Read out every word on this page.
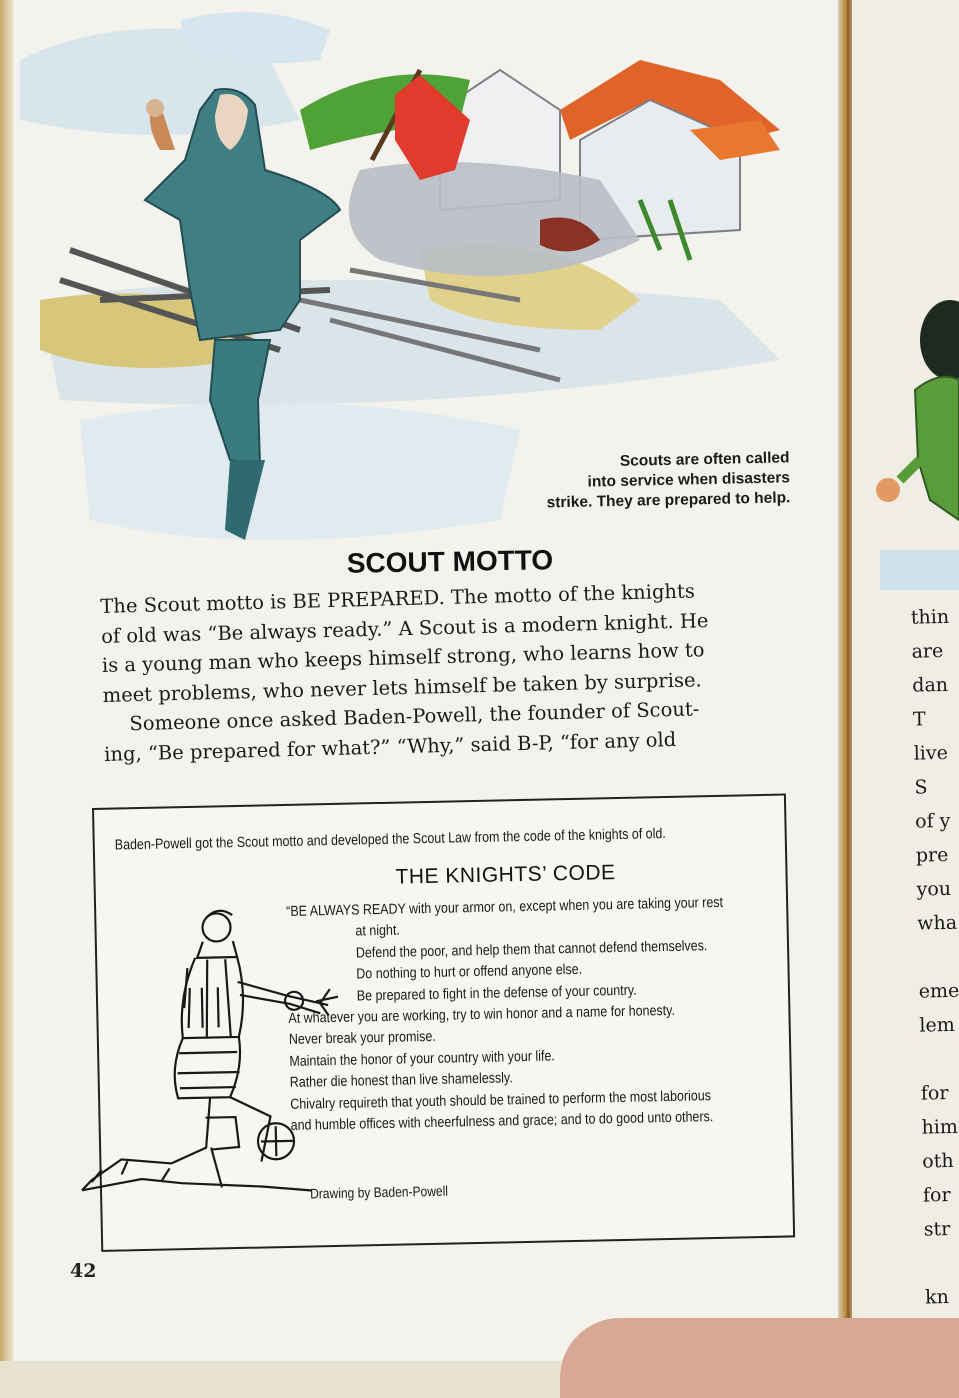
Scouts are often called
into service when disasters
strike. They are prepared to help.
SCOUT MOTTO
The Scout motto is BE PREPARED. The motto of the knights
of old was “Be always ready.” A Scout is a modern knight. He
is a young man who keeps himself strong, who learns how to
meet problems, who never lets himself be taken by surprise.
Someone once asked Baden-Powell, the founder of Scout-
ing, “Be prepared for what?” “Why,” said B-P, “for any old
Baden-Powell got the Scout motto and developed the Scout Law from the code of the knights of old.
THE KNIGHTS’ CODE
“BE ALWAYS READY with your armor on, except when you are taking your rest
at night.
Defend the poor, and help them that cannot defend themselves.
Do nothing to hurt or offend anyone else.
Be prepared to fight in the defense of your country.
At whatever you are working, try to win honor and a name for honesty.
Never break your promise.
Maintain the honor of your country with your life.
Rather die honest than live shamelessly.
Chivalry requireth that youth should be trained to perform the most laborious
and humble offices with cheerfulness and grace; and to do good unto others.
Drawing by Baden-Powell
42
thin
are
dan
T
live
S
of y
pre
you
wha

eme
lem

for
him
oth
for
str

kn
